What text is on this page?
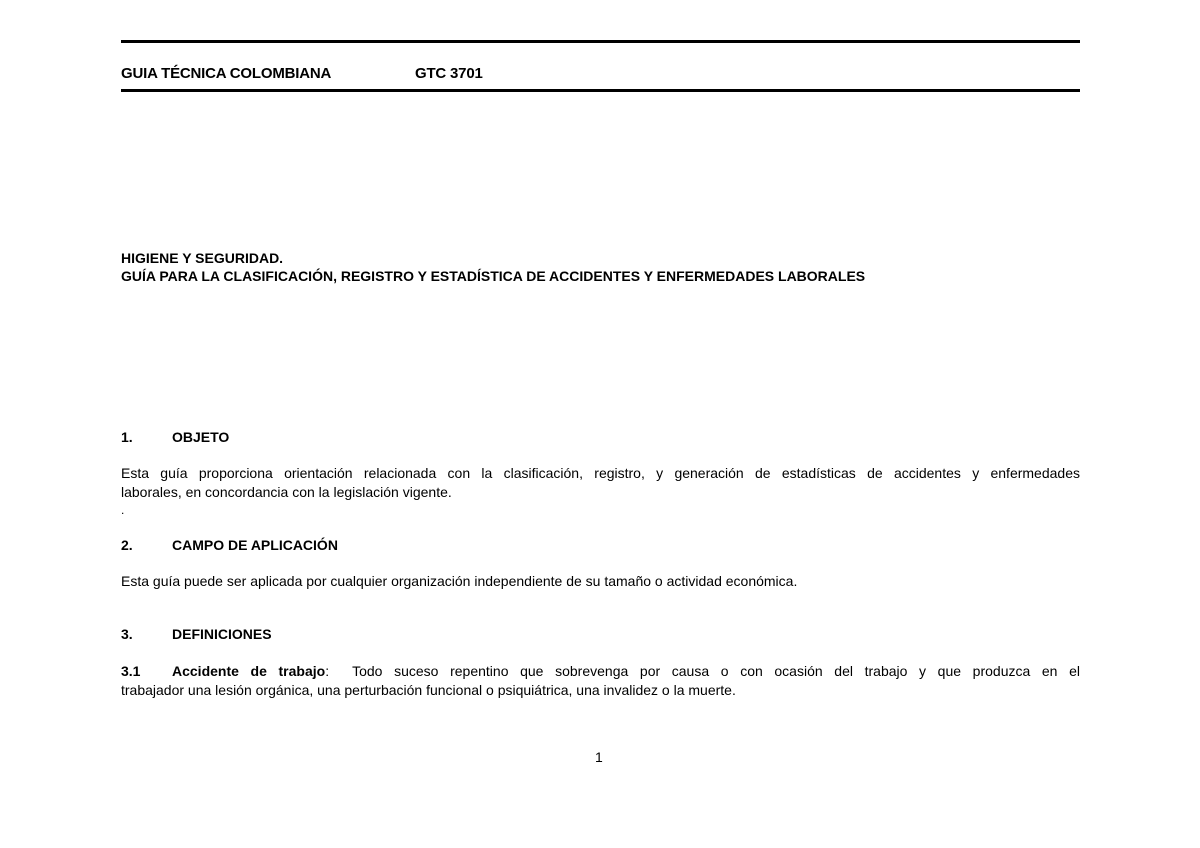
GUIA TÉCNICA COLOMBIANA	GTC 3701
HIGIENE Y SEGURIDAD.
GUÍA PARA LA CLASIFICACIÓN, REGISTRO Y ESTADÍSTICA DE ACCIDENTES Y ENFERMEDADES LABORALES
1.	OBJETO
Esta guía proporciona orientación relacionada con la clasificación, registro, y generación de estadísticas de accidentes y enfermedades
laborales, en concordancia con la legislación vigente.
.
2.	CAMPO DE APLICACIÓN
Esta guía puede ser aplicada por cualquier organización independiente de su tamaño o actividad económica.
3.	DEFINICIONES
3.1 Accidente de trabajo:  Todo suceso repentino que sobrevenga por causa o con ocasión del trabajo y que produzca en el
trabajador una lesión orgánica, una perturbación funcional o psiquiátrica, una invalidez o la muerte.
1
